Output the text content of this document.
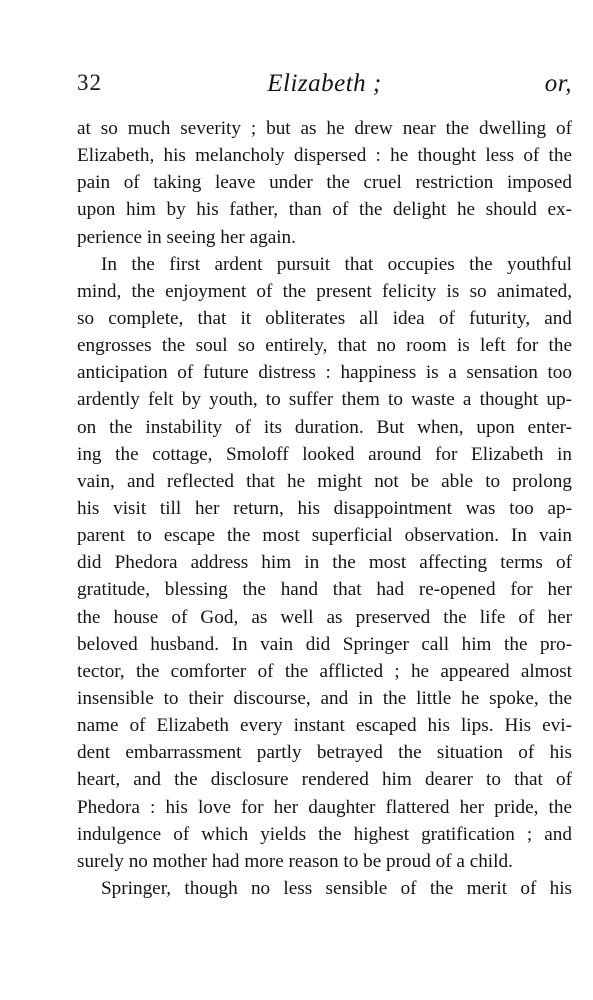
32	Elizabeth ;	or,
at so much severity ; but as he drew near the dwelling of
Elizabeth, his melancholy dispersed : he thought less of the
pain of taking leave under the cruel restriction imposed
upon him by his father, than of the delight he should ex-
perience in seeing her again.
In the first ardent pursuit that occupies the youthful
mind, the enjoyment of the present felicity is so animated,
so complete, that it obliterates all idea of futurity, and
engrosses the soul so entirely, that no room is left for the
anticipation of future distress : happiness is a sensation too
ardently felt by youth, to suffer them to waste a thought up-
on the instability of its duration. But when, upon enter-
ing the cottage, Smoloff looked around for Elizabeth in
vain, and reflected that he might not be able to prolong
his visit till her return, his disappointment was too ap-
parent to escape the most superficial observation. In vain
did Phedora address him in the most affecting terms of
gratitude, blessing the hand that had re-opened for her
the house of God, as well as preserved the life of her
beloved husband. In vain did Springer call him the pro-
tector, the comforter of the afflicted ; he appeared almost
insensible to their discourse, and in the little he spoke, the
name of Elizabeth every instant escaped his lips. His evi-
dent embarrassment partly betrayed the situation of his
heart, and the disclosure rendered him dearer to that of
Phedora : his love for her daughter flattered her pride, the
indulgence of which yields the highest gratification ; and
surely no mother had more reason to be proud of a child.
Springer, though no less sensible of the merit of his
